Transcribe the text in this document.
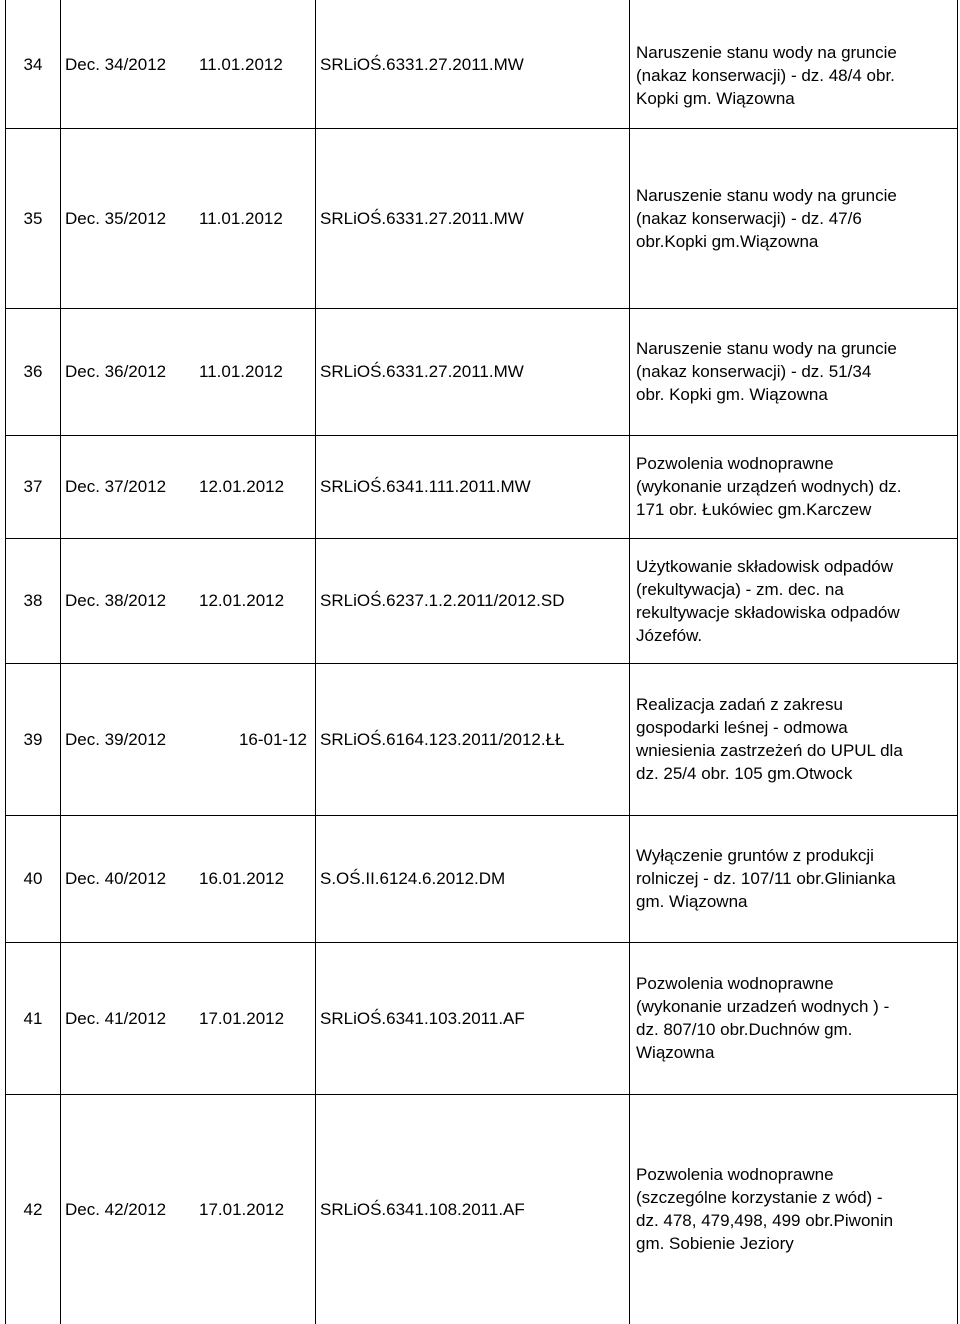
34	Dec. 34/2012	11.01.2012	SRLiOŚ.6331.27.2011.MW
Naruszenie stanu wody na gruncie
(nakaz konserwacji) - dz. 48/4 obr.
Kopki gm. Wiązowna
35	Dec. 35/2012	11.01.2012	SRLiOŚ.6331.27.2011.MW
Naruszenie stanu wody na gruncie
(nakaz konserwacji) - dz. 47/6
obr.Kopki gm.Wiązowna
36	Dec. 36/2012	11.01.2012	SRLiOŚ.6331.27.2011.MW
Naruszenie stanu wody na gruncie
(nakaz konserwacji) - dz. 51/34
obr. Kopki gm. Wiązowna
37	Dec. 37/2012	12.01.2012	SRLiOŚ.6341.111.2011.MW
Pozwolenia wodnoprawne
(wykonanie urządzeń wodnych) dz.
171 obr. Łukówiec gm.Karczew
38	Dec. 38/2012	12.01.2012	SRLiOŚ.6237.1.2.2011/2012.SD
Użytkowanie składowisk odpadów
(rekultywacja) - zm. dec. na
rekultywacje składowiska odpadów
Józefów.
39	Dec. 39/2012	16-01-12 SRLiOŚ.6164.123.2011/2012.ŁŁ
Realizacja zadań z zakresu
gospodarki leśnej - odmowa
wniesienia zastrzeżeń do UPUL dla
dz. 25/4 obr. 105 gm.Otwock
40	Dec. 40/2012	16.01.2012	S.OŚ.II.6124.6.2012.DM
Wyłączenie gruntów z produkcji
rolniczej - dz. 107/11 obr.Glinianka
gm. Wiązowna
41	Dec. 41/2012	17.01.2012	SRLiOŚ.6341.103.2011.AF
Pozwolenia wodnoprawne
(wykonanie urzadzeń wodnych ) -
dz. 807/10 obr.Duchnów gm.
Wiązowna
42	Dec. 42/2012	17.01.2012	SRLiOŚ.6341.108.2011.AF
Pozwolenia wodnoprawne
(szczególne korzystanie z wód) -
dz. 478, 479,498, 499 obr.Piwonin
gm. Sobienie Jeziory
